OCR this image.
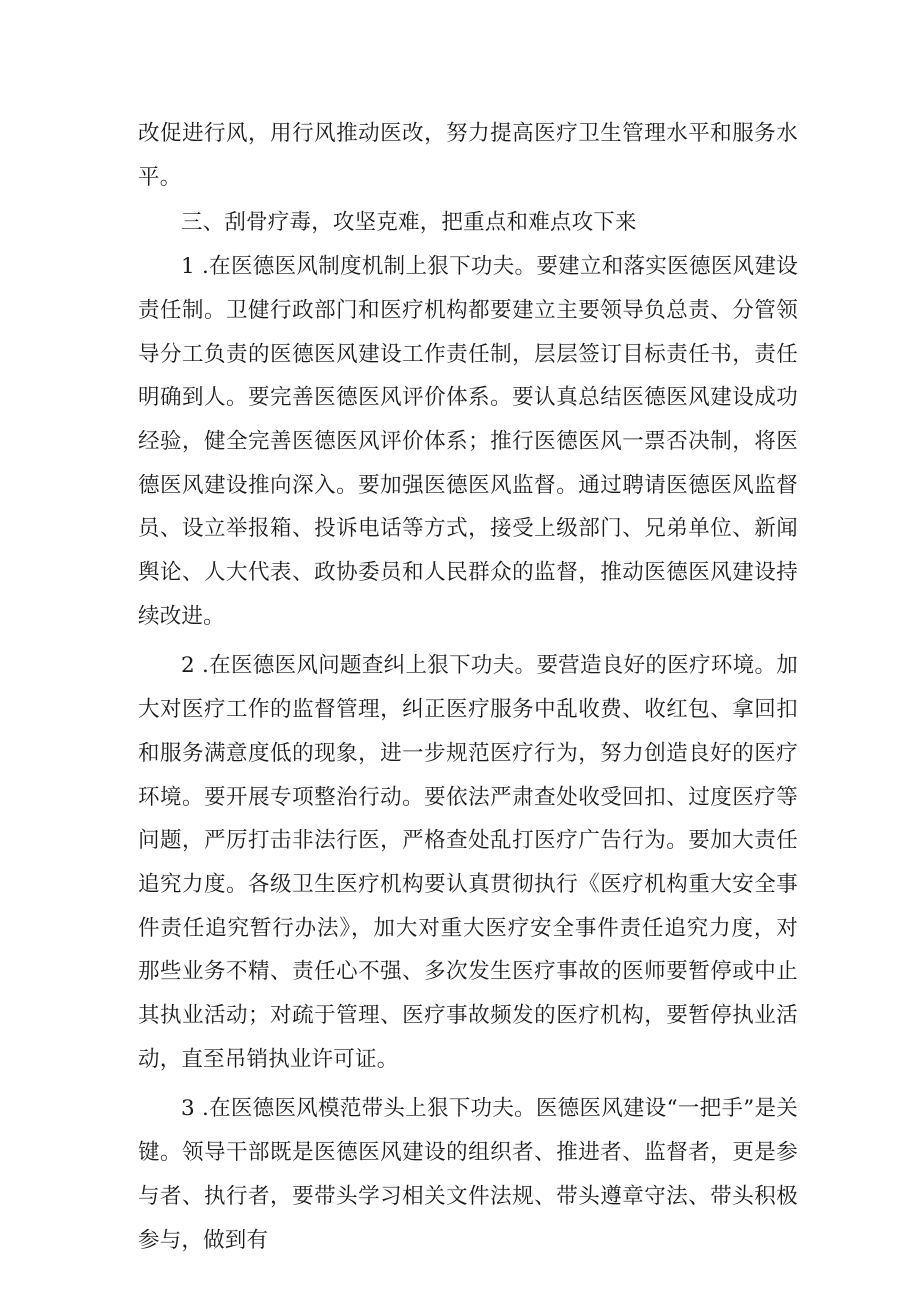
改促进行风，用行风推动医改，努力提高医疗卫生管理水平和服务水平。

三、刮骨疗毒，攻坚克难，把重点和难点攻下来

1 .在医德医风制度机制上狠下功夫。要建立和落实医德医风建设责任制。卫健行政部门和医疗机构都要建立主要领导负总责、分管领导分工负责的医德医风建设工作责任制，层层签订目标责任书，责任明确到人。要完善医德医风评价体系。要认真总结医德医风建设成功经验，健全完善医德医风评价体系；推行医德医风一票否决制，将医德医风建设推向深入。要加强医德医风监督。通过聘请医德医风监督员、设立举报箱、投诉电话等方式，接受上级部门、兄弟单位、新闻舆论、人大代表、政协委员和人民群众的监督，推动医德医风建设持续改进。

2 .在医德医风问题查纠上狠下功夫。要营造良好的医疗环境。加大对医疗工作的监督管理，纠正医疗服务中乱收费、收红包、拿回扣和服务满意度低的现象，进一步规范医疗行为，努力创造良好的医疗环境。要开展专项整治行动。要依法严肃查处收受回扣、过度医疗等问题，严厉打击非法行医，严格查处乱打医疗广告行为。要加大责任追究力度。各级卫生医疗机构要认真贯彻执行《医疗机构重大安全事件责任追究暂行办法》，加大对重大医疗安全事件责任追究力度，对那些业务不精、责任心不强、多次发生医疗事故的医师要暂停或中止其执业活动；对疏于管理、医疗事故频发的医疗机构，要暂停执业活动，直至吊销执业许可证。

3 .在医德医风模范带头上狠下功夫。医德医风建设“一把手”是关键。领导干部既是医德医风建设的组织者、推进者、监督者，更是参与者、执行者，要带头学习相关文件法规、带头遵章守法、带头积极参与，做到有
